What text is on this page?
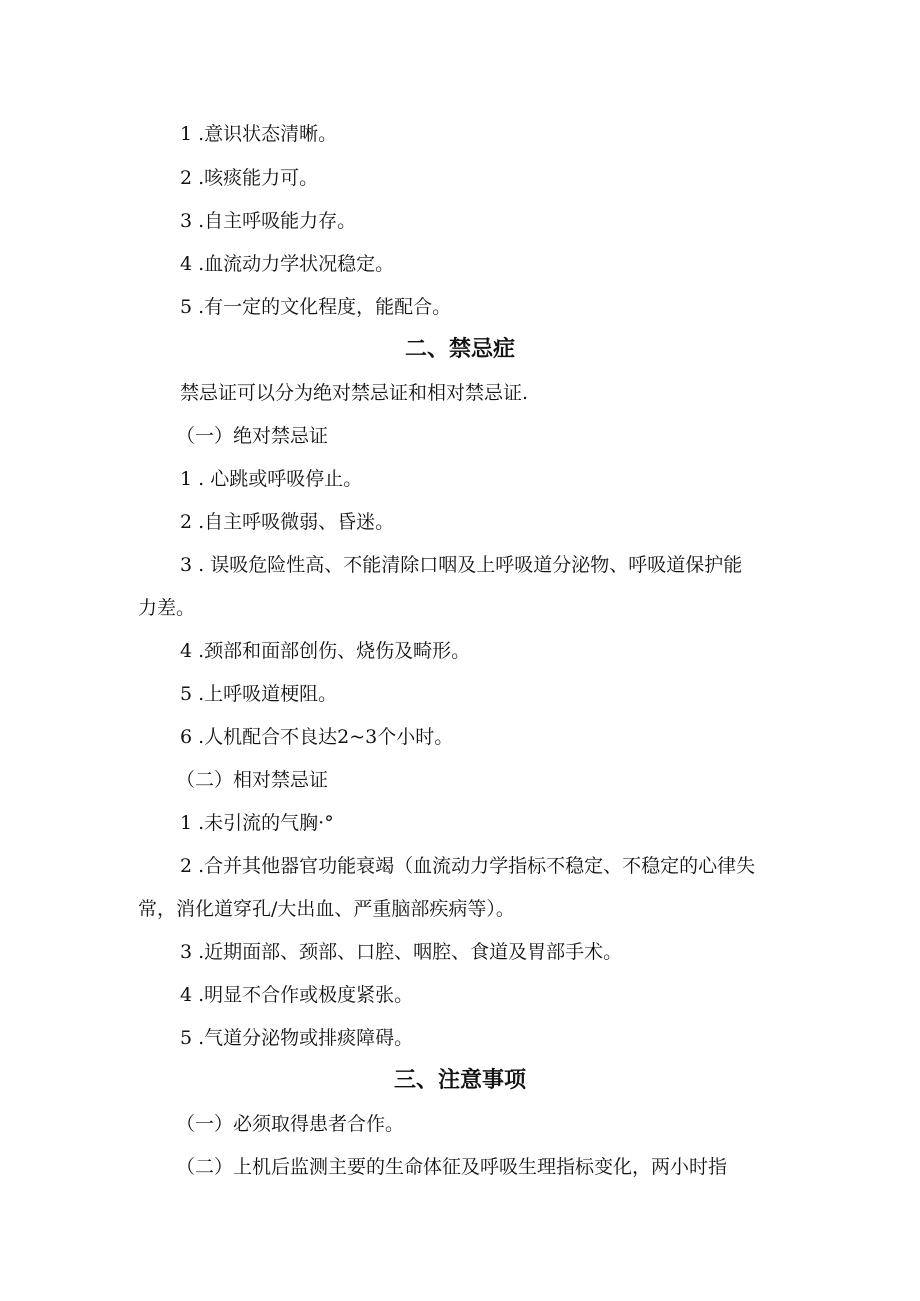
1 .意识状态清晰。
2 .咳痰能力可。
3 .自主呼吸能力存。
4 .血流动力学状况稳定。
5 .有一定的文化程度，能配合。
二、禁忌症
禁忌证可以分为绝对禁忌证和相对禁忌证.
（一）绝对禁忌证
1 . 心跳或呼吸停止。
2 .自主呼吸微弱、昏迷。
3 . 误吸危险性高、不能清除口咽及上呼吸道分泌物、呼吸道保护能
力差。
4 .颈部和面部创伤、烧伤及畸形。
5 .上呼吸道梗阻。
6 .人机配合不良达2~3个小时。
（二）相对禁忌证
1 .未引流的气胸·°
2 .合并其他器官功能衰竭（血流动力学指标不稳定、不稳定的心律失
常，消化道穿孔/大出血、严重脑部疾病等）。
3 .近期面部、颈部、口腔、咽腔、食道及胃部手术。
4 .明显不合作或极度紧张。
5 .气道分泌物或排痰障碍。
三、注意事项
（一）必须取得患者合作。
（二）上机后监测主要的生命体征及呼吸生理指标变化，两小时指
